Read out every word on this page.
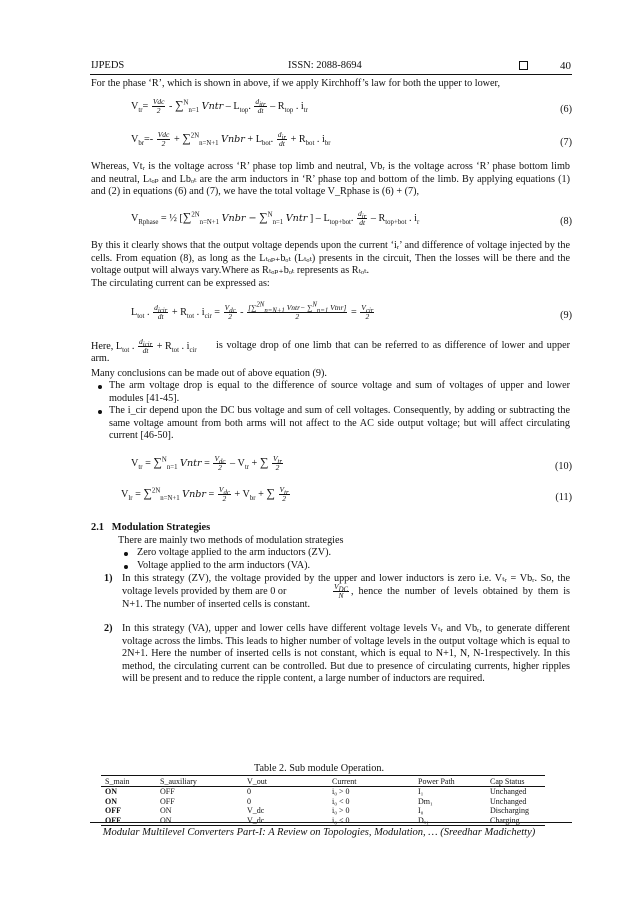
IJPEDS	ISSN: 2088-8694	40
For the phase ‘R’, which is shown in above, if we apply Kirchhoff’s law for both the upper to lower,
$V_{tr}= \frac{\text{Vdc}}{2} - \sum^N_{n=1}$ Vntr – $L_{top}$. $\frac{d_{itr}}{dt} - R_{top}$ . $i_{tr}$	(6)
$V_{br}=- \frac{\text{Vdc}}{2} + \sum^{2N}_{n=N+1}$ Vnbr + $L_{bot}$. $\frac{d_{ir}}{dt} + R_{bot}$ . $i_{br}$	(7)
Whereas, Vtᵣ is the voltage across ‘R’ phase top limb and neutral, Vbᵣ is the voltage across ‘R’ phase bottom limb and neutral, Lₜₒₚ and Lbₒₜ are the arm inductors in ‘R’ phase top and bottom of the limb. By applying equations (1) and (2) in equations (6) and (7), we have the total voltage V_Rphase is (6) + (7),
$V_{Rphase}$ = ½ [∑$^{2N}_{n=N+1}$ Vnbr − ∑$^N_{n=1}$ Vntr ] – $L_{top+bot}$. $\frac{d_{ir}}{dt} - R_{top+bot}$ . $i_r$	(8)
By this it clearly shows that the output voltage depends upon the current ‘iᵣ’ and difference of voltage injected by the cells. From equation (8), as long as the Lₜₒₚ₊bₒₜ (Lₜₒₜ) presents in the circuit, Then the losses will be there and the voltage output will always vary.Where as Rₜₒₚ₊bₒₜ represents as Rₜₒₜ.
The circulating current can be expressed as:
$L_{tot}$ . $\frac{d_{icir}}{dt} + R_{tot}$ . $i_{cir} = \frac{V_{dc}}{2} - \frac{[\sum^{2N}_{n=N+1} Vntr- \sum^N_{n=1} Vtnr]}{2} = \frac{V_{cir}}{2}$	(9)
Here, $L_{tot}$ . $\frac{d_{icir}}{dt} + R_{tot}$ . $i_{cir}$	is voltage drop of one limb that can be referred to as difference of lower and upper arm.
Many conclusions can be made out of above equation (9).
The arm voltage drop is equal to the difference of source voltage and sum of voltages of upper and lower modules [41-45].
The i_cir depend upon the DC bus voltage and sum of cell voltages. Consequently, by adding or subtracting the same voltage amount from both arms will not affect to the AC side output voltage; but will affect circulating current [46-50].
$V_{tr} = \sum^N_{n=1}$ Vntr = $\frac{V_{dc}}{2} - V_{tr}$ + ∑ $\frac{V_{tr}}{2}$	(10)
$V_{lr} = \sum^{2N}_{n=N+1}$ Vnbr = $\frac{V_{dc}}{2} + V_{br}$ + ∑ $\frac{V_{tr}}{2}$	(11)
2.1 Modulation Strategies
There are mainly two methods of modulation strategies
Zero voltage applied to the arm inductors (ZV).
Voltage applied to the arm inductors (VA).
1) In this strategy (ZV), the voltage provided by the upper and lower inductors is zero i.e. Vₜᵣ = Vbᵣ. So, the voltage levels provided by them are 0 or	$\frac{V_{DC}}{N}$ , hence the number of levels obtained by them is N+1. The number of inserted cells is constant.
2) In this strategy (VA), upper and lower cells have different voltage levels Vₜᵣ and Vbᵣ, to generate different voltage across the limbs. This leads to higher number of voltage levels in the output voltage which is equal to 2N+1. Here the number of inserted cells is not constant, which is equal to N+1, N, N-1respectively. In this method, the circulating current can be controlled. But due to presence of circulating currents, higher ripples will be present and to reduce the ripple content, a large number of inductors are required.
Table 2. Sub module Operation.
S_main	S_auxiliary	V_out	Current	Power Path	Cap Status
ON	OFF	0	i₀ > 0	I₁	Unchanged
ON	OFF	0	i₀ < 0	Dm₁	Unchanged
OFF	ON	V_dc	i₀ > 0	I₀	Discharging
OFF	ON	V_dc	i₀ < 0	Dₓ₁	Charging
Modular Multilevel Converters Part-I: A Review on Topologies, Modulation, … (Sreedhar Madichetty)
